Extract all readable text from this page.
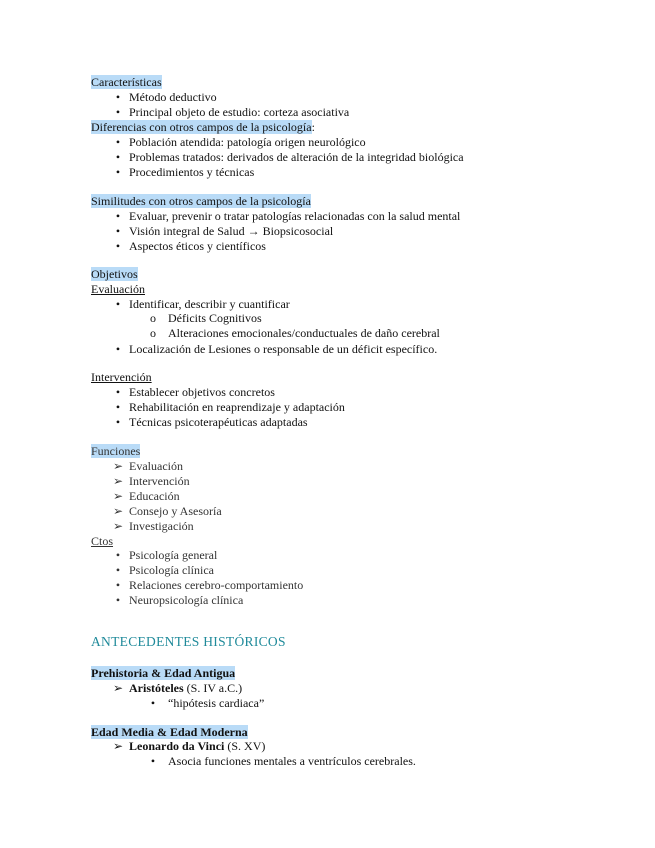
Características
• Método deductivo
• Principal objeto de estudio: corteza asociativa
Diferencias con otros campos de la psicología:
• Población atendida: patología origen neurológico
• Problemas tratados: derivados de alteración de la integridad biológica
• Procedimientos y técnicas
Similitudes con otros campos de la psicología
• Evaluar, prevenir o tratar patologías relacionadas con la salud mental
• Visión integral de Salud → Biopsicosocial
• Aspectos éticos y científicos
Objetivos
Evaluación
• Identificar, describir y cuantificar
o	Déficits Cognitivos
o	Alteraciones emocionales/conductuales de daño cerebral
• Localización de Lesiones o responsable de un déficit específico.
Intervención
• Establecer objetivos concretos
• Rehabilitación en reaprendizaje y adaptación
• Técnicas psicoterapéuticas adaptadas
Funciones
➢ Evaluación
➢ Intervención
➢ Educación
➢ Consejo y Asesoría
➢ Investigación
Ctos
• Psicología general
• Psicología clínica
• Relaciones cerebro-comportamiento
• Neuropsicología clínica
ANTECEDENTES HISTÓRICOS
Prehistoria & Edad Antigua
➢ Aristóteles (S. IV a.C.)
•	“hipótesis cardiaca”
Edad Media & Edad Moderna
➢ Leonardo da Vinci (S. XV)
•	Asocia funciones mentales a ventrículos cerebrales.
